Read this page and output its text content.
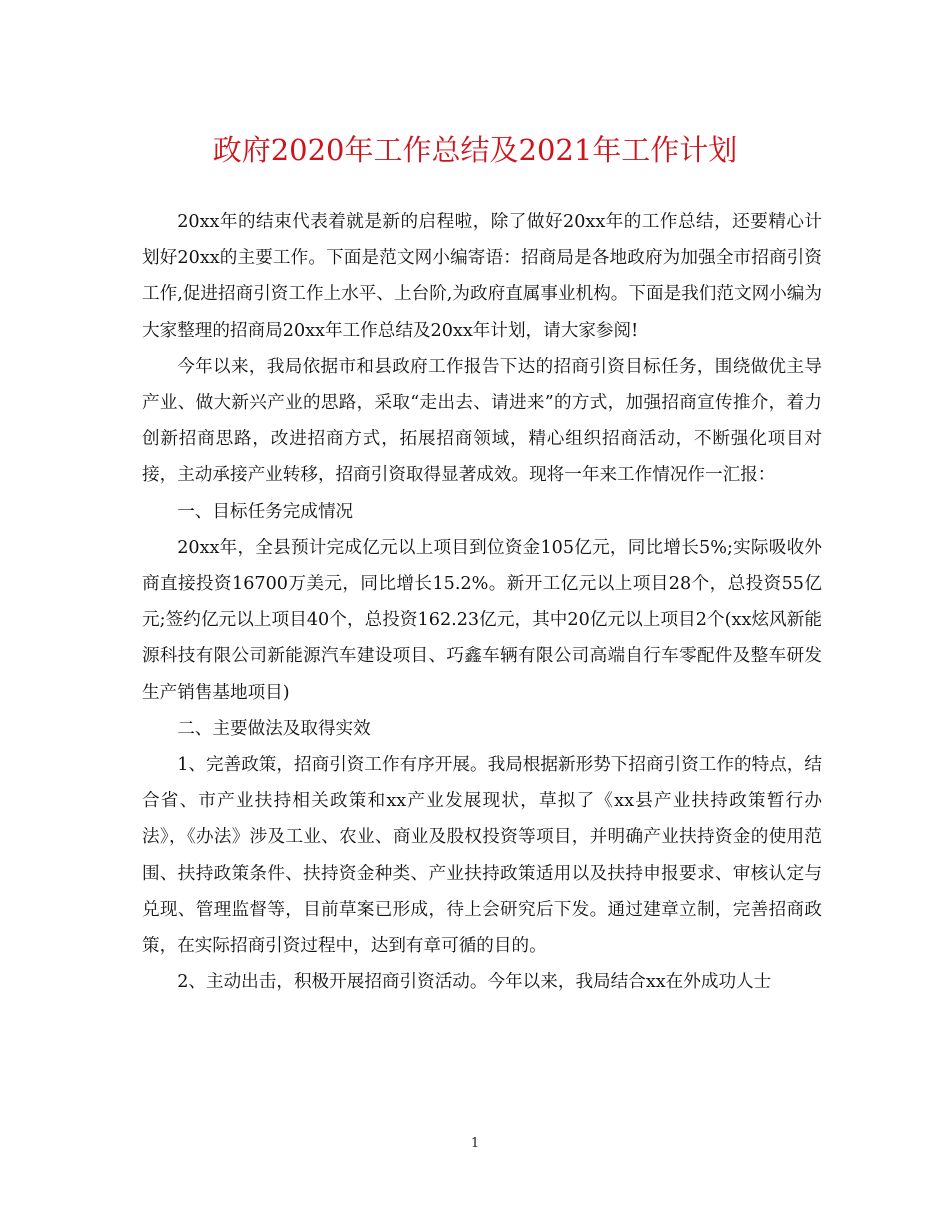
政府2020年工作总结及2021年工作计划

20xx年的结束代表着就是新的启程啦，除了做好20xx年的工作总结，还要精心计划好20xx的主要工作。下面是范文网小编寄语：招商局是各地政府为加强全市招商引资工作,促进招商引资工作上水平、上台阶,为政府直属事业机构。下面是我们范文网小编为大家整理的招商局20xx年工作总结及20xx年计划，请大家参阅!

今年以来，我局依据市和县政府工作报告下达的招商引资目标任务，围绕做优主导产业、做大新兴产业的思路，采取“走出去、请进来”的方式，加强招商宣传推介，着力创新招商思路，改进招商方式，拓展招商领域，精心组织招商活动，不断强化项目对接，主动承接产业转移，招商引资取得显著成效。现将一年来工作情况作一汇报：

一、目标任务完成情况

20xx年，全县预计完成亿元以上项目到位资金105亿元，同比增长5%;实际吸收外商直接投资16700万美元，同比增长15.2%。新开工亿元以上项目28个，总投资55亿元;签约亿元以上项目40个，总投资162.23亿元，其中20亿元以上项目2个(xx炫风新能源科技有限公司新能源汽车建设项目、巧鑫车辆有限公司高端自行车零配件及整车研发生产销售基地项目)

二、主要做法及取得实效

1、完善政策，招商引资工作有序开展。我局根据新形势下招商引资工作的特点，结合省、市产业扶持相关政策和xx产业发展现状，草拟了《xx县产业扶持政策暂行办法》，《办法》涉及工业、农业、商业及股权投资等项目，并明确产业扶持资金的使用范围、扶持政策条件、扶持资金种类、产业扶持政策适用以及扶持申报要求、审核认定与兑现、管理监督等，目前草案已形成，待上会研究后下发。通过建章立制，完善招商政策，在实际招商引资过程中，达到有章可循的目的。

2、主动出击，积极开展招商引资活动。今年以来，我局结合xx在外成功人士

1
